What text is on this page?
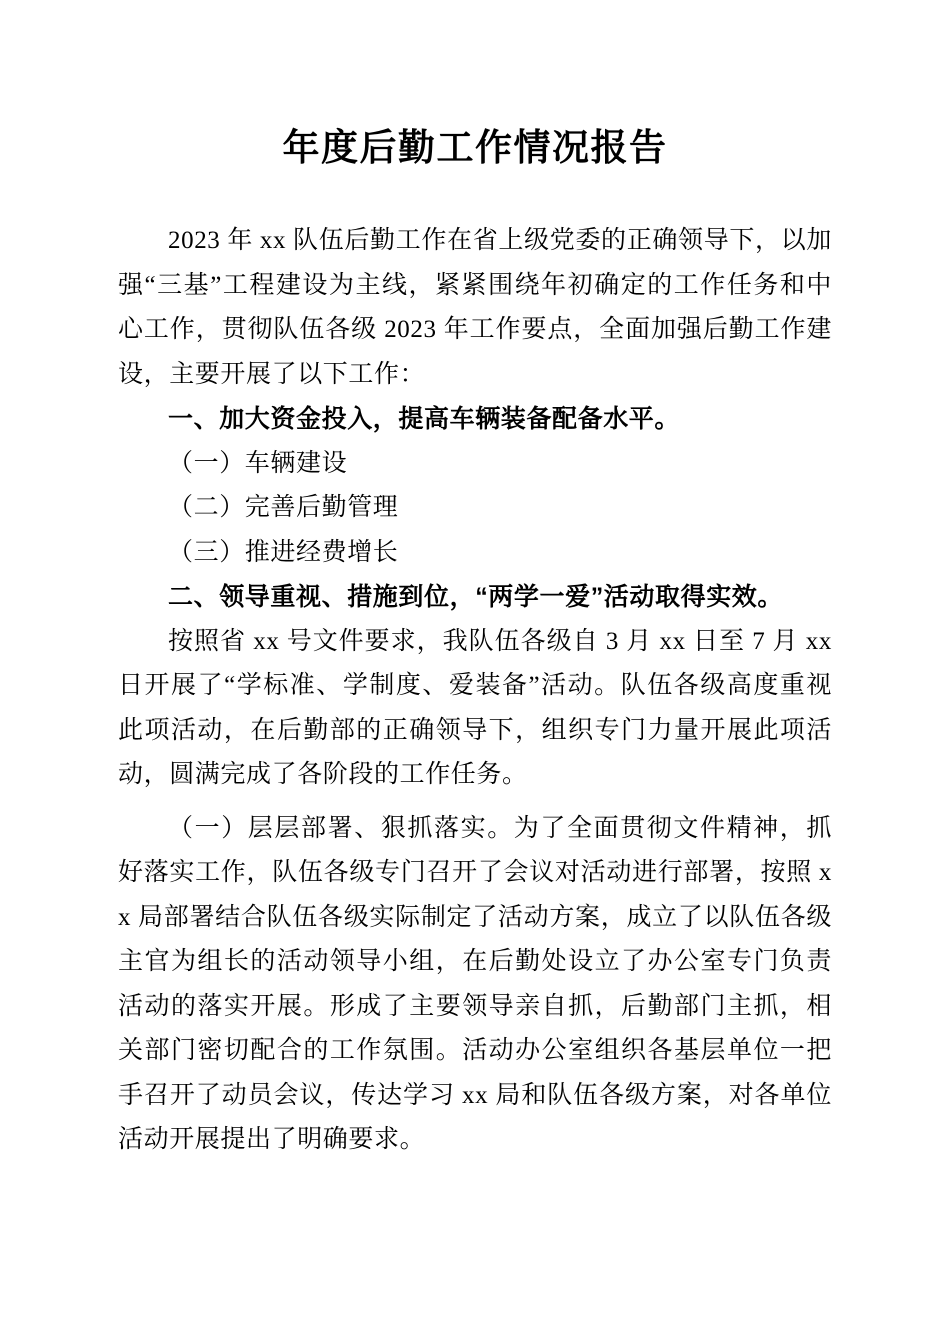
年度后勤工作情况报告

2023 年 xx 队伍后勤工作在省上级党委的正确领导下，以加强“三基”工程建设为主线，紧紧围绕年初确定的工作任务和中心工作，贯彻队伍各级 2023 年工作要点，全面加强后勤工作建设，主要开展了以下工作：

一、加大资金投入，提高车辆装备配备水平。

（一）车辆建设

（二）完善后勤管理

（三）推进经费增长

二、领导重视、措施到位，“两学一爱”活动取得实效。

按照省 xx 号文件要求，我队伍各级自 3 月 xx 日至 7 月 xx 日开展了“学标准、学制度、爱装备”活动。队伍各级高度重视此项活动，在后勤部的正确领导下，组织专门力量开展此项活动，圆满完成了各阶段的工作任务。

（一）层层部署、狠抓落实。为了全面贯彻文件精神，抓好落实工作，队伍各级专门召开了会议对活动进行部署，按照 xx 局部署结合队伍各级实际制定了活动方案，成立了以队伍各级主官为组长的活动领导小组，在后勤处设立了办公室专门负责活动的落实开展。形成了主要领导亲自抓，后勤部门主抓，相关部门密切配合的工作氛围。活动办公室组织各基层单位一把手召开了动员会议，传达学习 xx 局和队伍各级方案，对各单位活动开展提出了明确要求。
